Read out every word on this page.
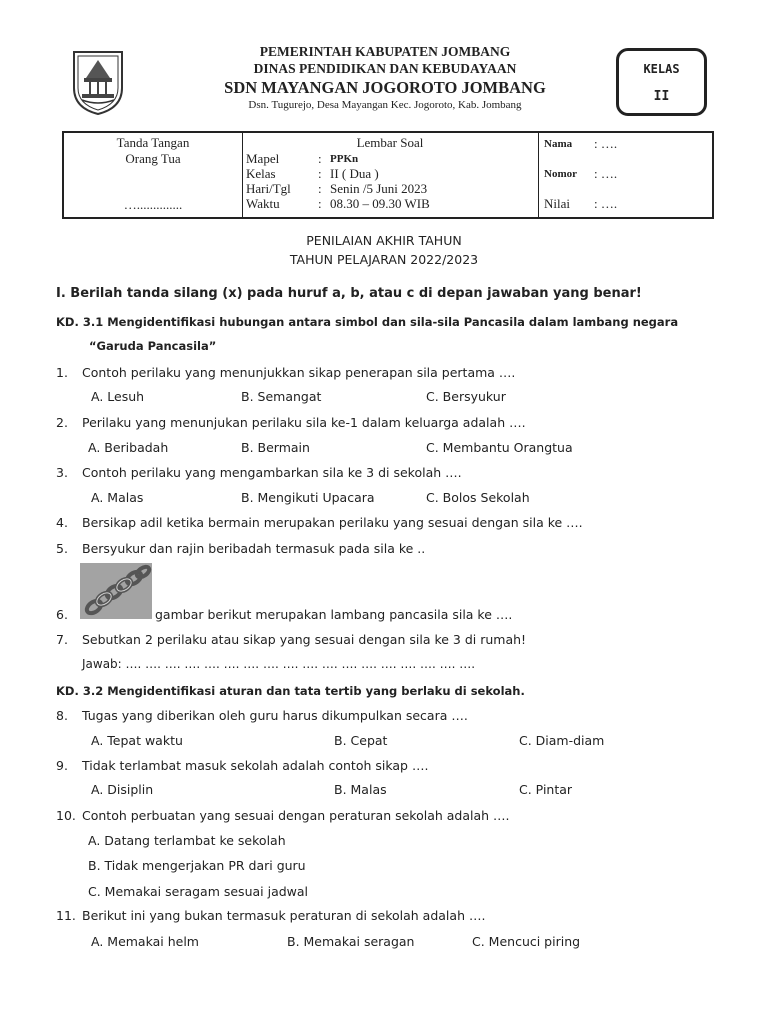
PEMERINTAH KABUPATEN JOMBANG
DINAS PENDIDIKAN DAN KEBUDAYAAN
SDN MAYANGAN JOGOROTO JOMBANG
Dsn. Tugurejo, Desa Mayangan Kec. Jogoroto, Kab. Jombang
KELAS
II
Tanda Tangan
Orang Tua
…..............
Lembar Soal
Mapel	: PPKn
Kelas	: II ( Dua )
Hari/Tgl : Senin /5 Juni 2023
Waktu	: 08.30 – 09.30 WIB
Nama : ….
Nomor : ….
Nilai : ….
PENILAIAN AKHIR TAHUN
TAHUN PELAJARAN 2022/2023
I. Berilah tanda silang (x) pada huruf a, b, atau c di depan jawaban yang benar!
KD. 3.1 Mengidentifikasi hubungan antara simbol dan sila-sila Pancasila dalam lambang negara
“Garuda Pancasila”
1. Contoh perilaku yang menunjukkan sikap penerapan sila pertama ….
A. Lesuh	B. Semangat	C. Bersyukur
2. Perilaku yang menunjukan perilaku sila ke-1 dalam keluarga adalah ….
A. Beribadah	B. Bermain	C. Membantu Orangtua
3. Contoh perilaku yang mengambarkan sila ke 3 di sekolah ….
A. Malas	B. Mengikuti Upacara	C. Bolos Sekolah
4. Bersikap adil ketika bermain merupakan perilaku yang sesuai dengan sila ke ….
5. Bersyukur dan rajin beribadah termasuk pada sila ke ..
6.	gambar berikut merupakan lambang pancasila sila ke ….
7. Sebutkan 2 perilaku atau sikap yang sesuai dengan sila ke 3 di rumah!
Jawab: …. …. …. …. …. …. …. …. …. …. …. …. …. …. …. …. …. ….
KD. 3.2 Mengidentifikasi aturan dan tata tertib yang berlaku di sekolah.
8. Tugas yang diberikan oleh guru harus dikumpulkan secara ….
A. Tepat waktu	B. Cepat	C. Diam-diam
9. Tidak terlambat masuk sekolah adalah contoh sikap ….
A. Disiplin	B. Malas	C. Pintar
10. Contoh perbuatan yang sesuai dengan peraturan sekolah adalah ….
A. Datang terlambat ke sekolah
B. Tidak mengerjakan PR dari guru
C. Memakai seragam sesuai jadwal
11. Berikut ini yang bukan termasuk peraturan di sekolah adalah ….
A. Memakai helm	B. Memakai seragan	C. Mencuci piring
